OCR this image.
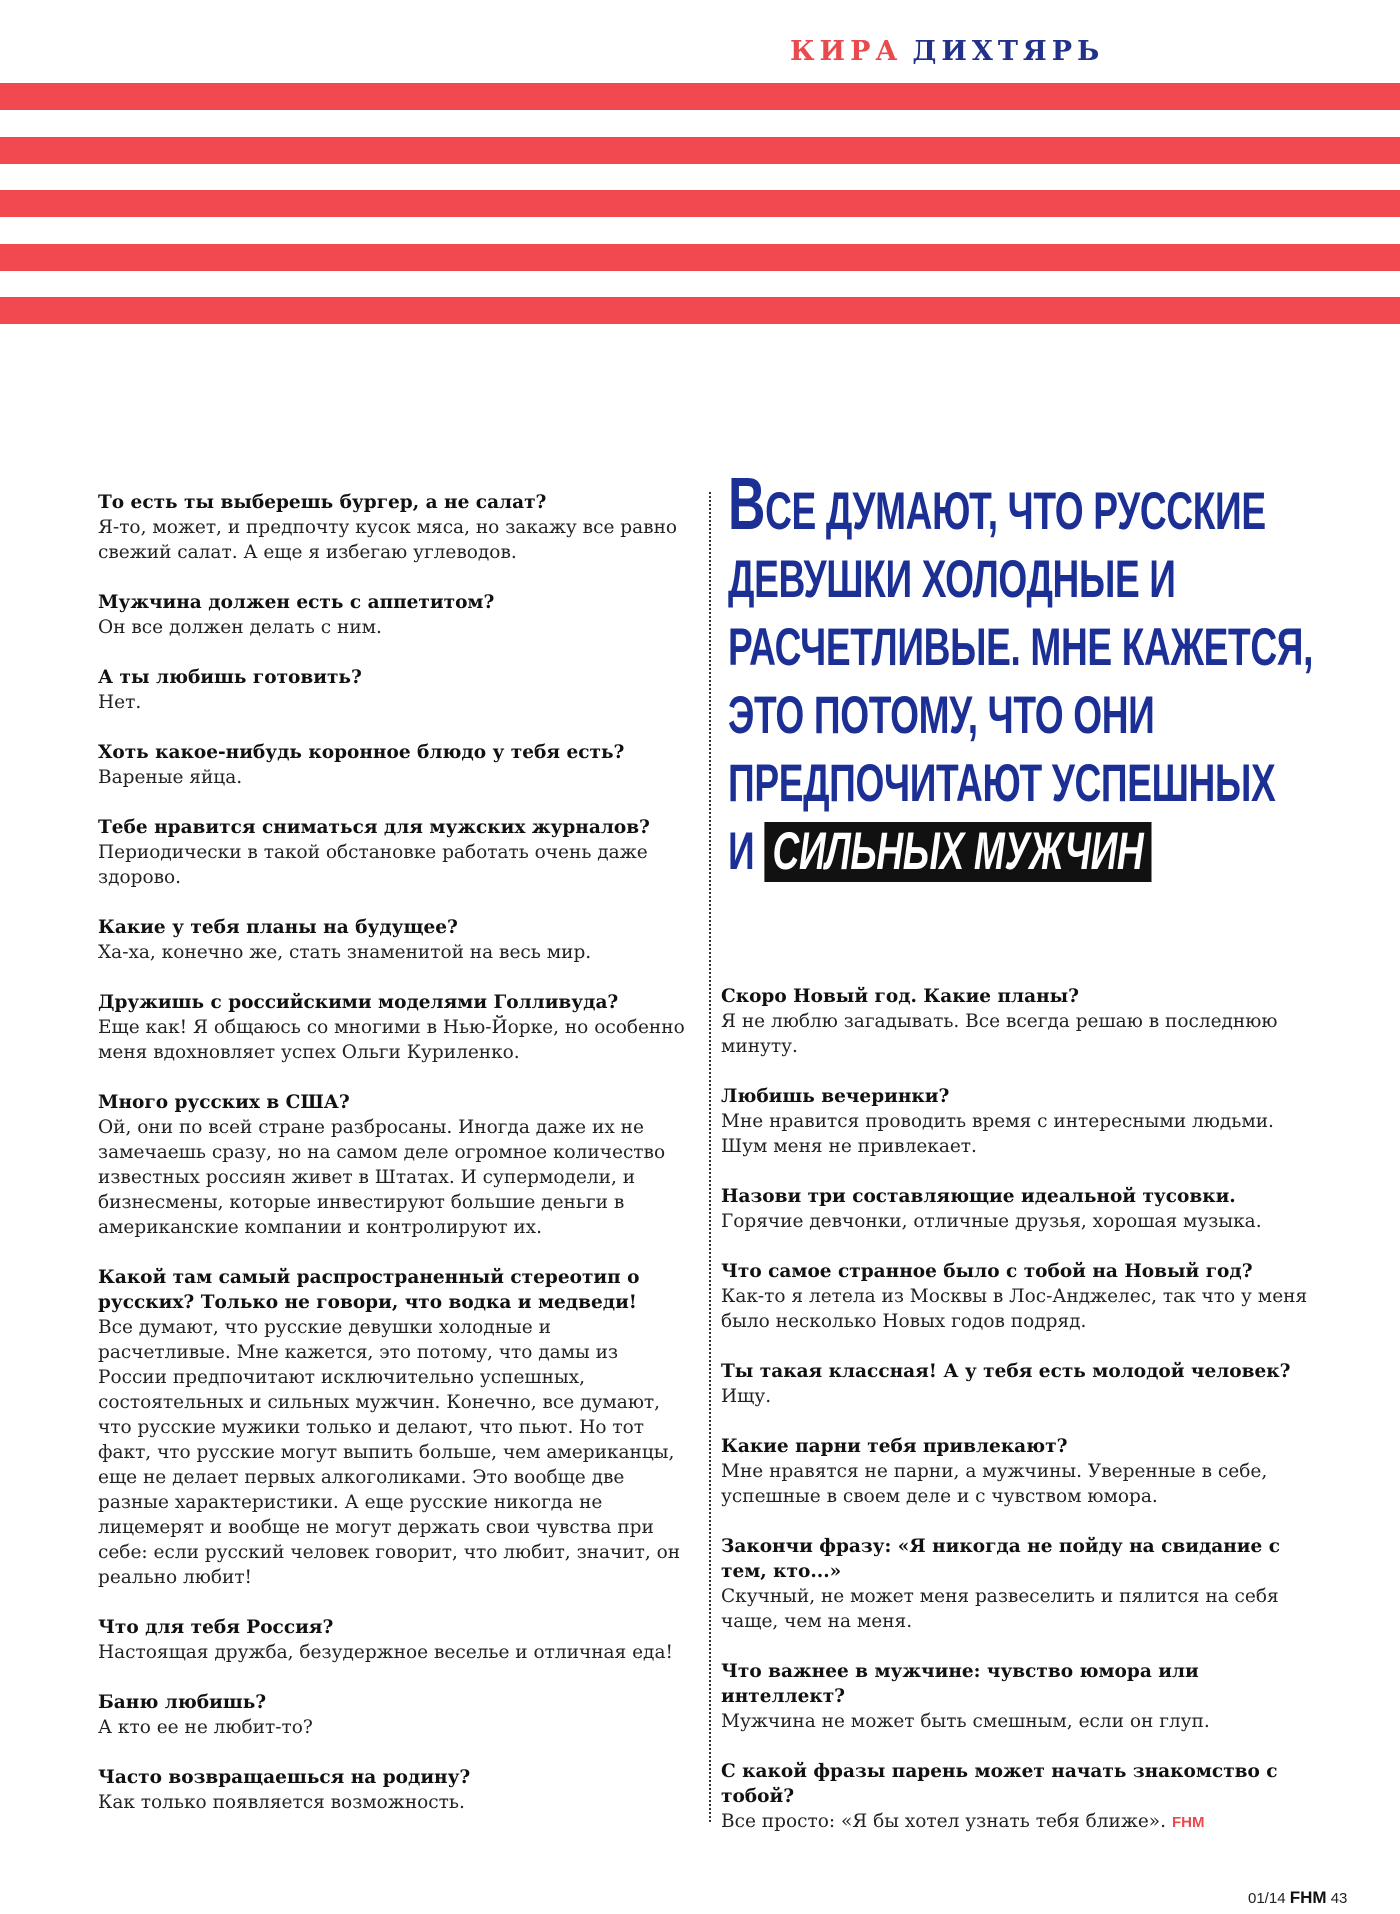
КИРА ДИХТЯРЬ
То есть ты выберешь бургер, а не салат?
Я-то, может, и предпочту кусок мяса, но закажу все равно свежий салат. А еще я избегаю углеводов.
Мужчина должен есть с аппетитом?
Он все должен делать с ним.
А ты любишь готовить?
Нет.
Хоть какое-нибудь коронное блюдо у тебя есть?
Вареные яйца.
Тебе нравится сниматься для мужских журналов?
Периодически в такой обстановке работать очень даже здорово.
Какие у тебя планы на будущее?
Ха-ха, конечно же, стать знаменитой на весь мир.
Дружишь с российскими моделями Голливуда?
Еще как! Я общаюсь со многими в Нью-Йорке, но особенно меня вдохновляет успех Ольги Куриленко.
Много русских в США?
Ой, они по всей стране разбросаны. Иногда даже их не замечаешь сразу, но на самом деле огромное количество известных россиян живет в Штатах. И супермодели, и бизнесмены, которые инвестируют большие деньги в американские компании и контролируют их.
Какой там самый распространенный стереотип о русских? Только не говори, что водка и медведи!
Все думают, что русские девушки холодные и расчетливые. Мне кажется, это потому, что дамы из России предпочитают исключительно успешных, состоятельных и сильных мужчин. Конечно, все думают, что русские мужики только и делают, что пьют. Но тот факт, что русские могут выпить больше, чем американцы, еще не делает первых алкоголиками. Это вообще две разные характеристики. А еще русские никогда не лицемерят и вообще не могут держать свои чувства при себе: если русский человек говорит, что любит, значит, он реально любит!
Что для тебя Россия?
Настоящая дружба, безудержное веселье и отличная еда!
Баню любишь?
А кто ее не любит-то?
Часто возвращаешься на родину?
Как только появляется возможность.
ВСЕ ДУМАЮТ, ЧТО РУССКИЕ
ДЕВУШКИ ХОЛОДНЫЕ И
РАСЧЕТЛИВЫЕ. МНЕ КАЖЕТСЯ,
ЭТО ПОТОМУ, ЧТО ОНИ
ПРЕДПОЧИТАЮТ УСПЕШНЫХ
И СИЛЬНЫХ МУЖЧИН
Скоро Новый год. Какие планы?
Я не люблю загадывать. Все всегда решаю в последнюю минуту.
Любишь вечеринки?
Мне нравится проводить время с интересными людьми. Шум меня не привлекает.
Назови три составляющие идеальной тусовки.
Горячие девчонки, отличные друзья, хорошая музыка.
Что самое странное было с тобой на Новый год?
Как-то я летела из Москвы в Лос-Анджелес, так что у меня было несколько Новых годов подряд.
Ты такая классная! А у тебя есть молодой человек?
Ищу.
Какие парни тебя привлекают?
Мне нравятся не парни, а мужчины. Уверенные в себе, успешные в своем деле и с чувством юмора.
Закончи фразу: «Я никогда не пойду на свидание с тем, кто...»
Скучный, не может меня развеселить и пялится на себя чаще, чем на меня.
Что важнее в мужчине: чувство юмора или интеллект?
Мужчина не может быть смешным, если он глуп.
С какой фразы парень может начать знакомство с тобой?
Все просто: «Я бы хотел узнать тебя ближе». FHM
01/14 FHM 43
